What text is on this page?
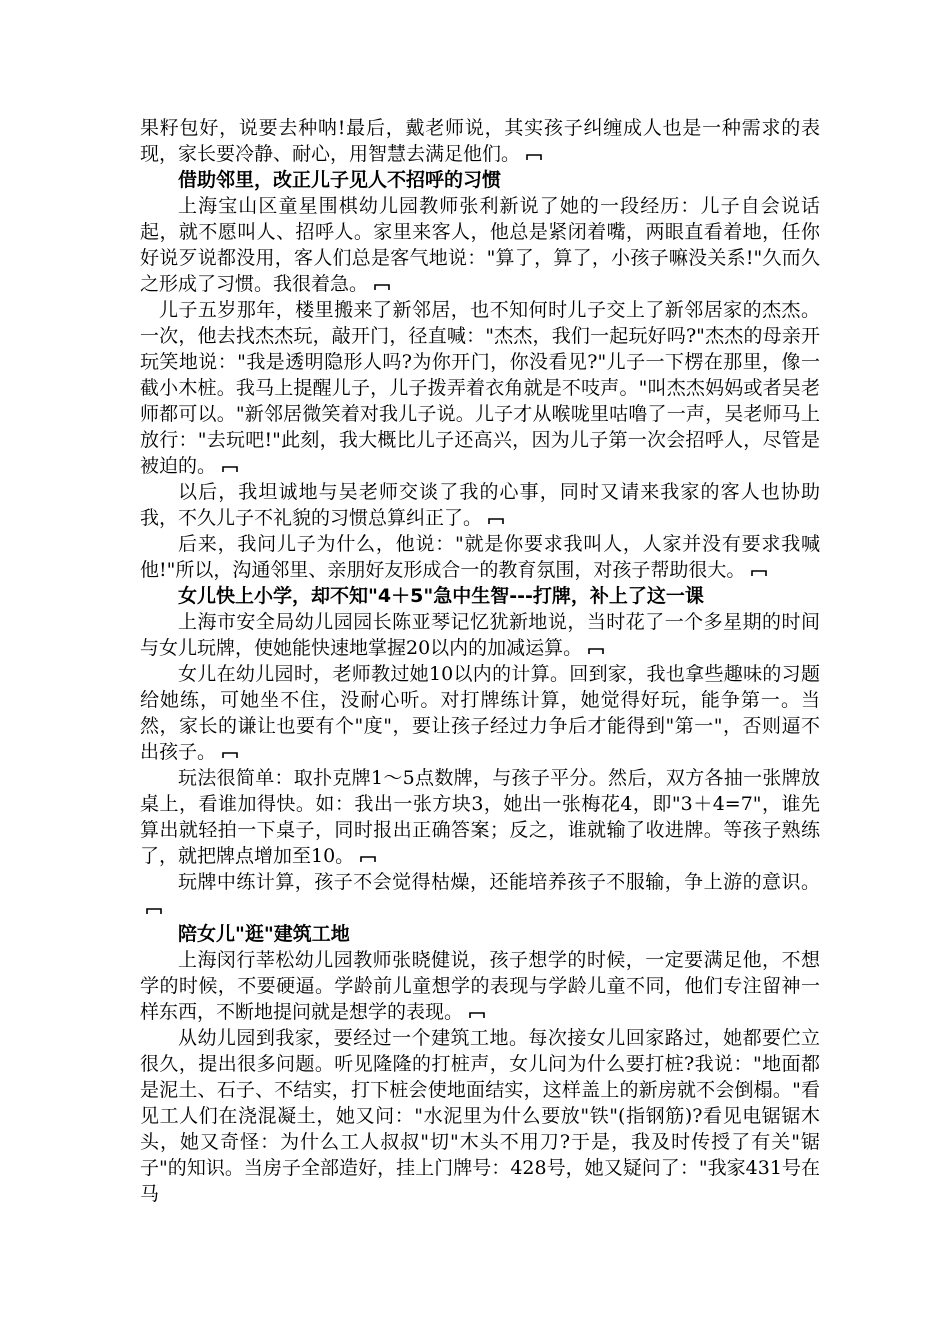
果籽包好，说要去种呐!最后，戴老师说，其实孩子纠缠成人也是一种需求的表现，家长要冷静、耐心，用智慧去满足他们。

借助邻里，改正儿子见人不招呼的习惯

上海宝山区童星围棋幼儿园教师张利新说了她的一段经历：儿子自会说话起，就不愿叫人、招呼人。家里来客人，他总是紧闭着嘴，两眼直看着地，任你好说歹说都没用，客人们总是客气地说："算了，算了，小孩子嘛没关系!"久而久之形成了习惯。我很着急。

儿子五岁那年，楼里搬来了新邻居，也不知何时儿子交上了新邻居家的杰杰。一次，他去找杰杰玩，敲开门，径直喊："杰杰，我们一起玩好吗?"杰杰的母亲开玩笑地说："我是透明隐形人吗?为你开门，你没看见?"儿子一下楞在那里，像一截小木桩。我马上提醒儿子，儿子拨弄着衣角就是不吱声。"叫杰杰妈妈或者吴老师都可以。"新邻居微笑着对我儿子说。儿子才从喉咙里咕噜了一声，吴老师马上放行："去玩吧!"此刻，我大概比儿子还高兴，因为儿子第一次会招呼人，尽管是被迫的。

以后，我坦诚地与吴老师交谈了我的心事，同时又请来我家的客人也协助我，不久儿子不礼貌的习惯总算纠正了。

后来，我问儿子为什么，他说："就是你要求我叫人，人家并没有要求我喊他!"所以，沟通邻里、亲朋好友形成合一的教育氛围，对孩子帮助很大。

女儿快上小学，却不知"4＋5"急中生智---打牌，补上了这一课

上海市安全局幼儿园园长陈亚琴记忆犹新地说，当时花了一个多星期的时间与女儿玩牌，使她能快速地掌握20以内的加减运算。

女儿在幼儿园时，老师教过她10以内的计算。回到家，我也拿些趣味的习题给她练，可她坐不住，没耐心听。对打牌练计算，她觉得好玩，能争第一。当然，家长的谦让也要有个"度"，要让孩子经过力争后才能得到"第一"，否则逼不出孩子。

玩法很简单：取扑克牌1～5点数牌，与孩子平分。然后，双方各抽一张牌放桌上，看谁加得快。如：我出一张方块3，她出一张梅花4，即"3＋4=7"，谁先算出就轻拍一下桌子，同时报出正确答案；反之，谁就输了收进牌。等孩子熟练了，就把牌点增加至10。

玩牌中练计算，孩子不会觉得枯燥，还能培养孩子不服输，争上游的意识。

陪女儿"逛"建筑工地

上海闵行莘松幼儿园教师张晓健说，孩子想学的时候，一定要满足他，不想学的时候，不要硬逼。学龄前儿童想学的表现与学龄儿童不同，他们专注留神一样东西，不断地提问就是想学的表现。

从幼儿园到我家，要经过一个建筑工地。每次接女儿回家路过，她都要伫立很久，提出很多问题。听见隆隆的打桩声，女儿问为什么要打桩?我说："地面都是泥土、石子、不结实，打下桩会使地面结实，这样盖上的新房就不会倒榻。"看见工人们在浇混凝土，她又问："水泥里为什么要放"铁"(指钢筋)?看见电锯锯木头，她又奇怪：为什么工人叔叔"切"木头不用刀?于是，我及时传授了有关"锯子"的知识。当房子全部造好，挂上门牌号：428号，她又疑问了："我家431号在马
